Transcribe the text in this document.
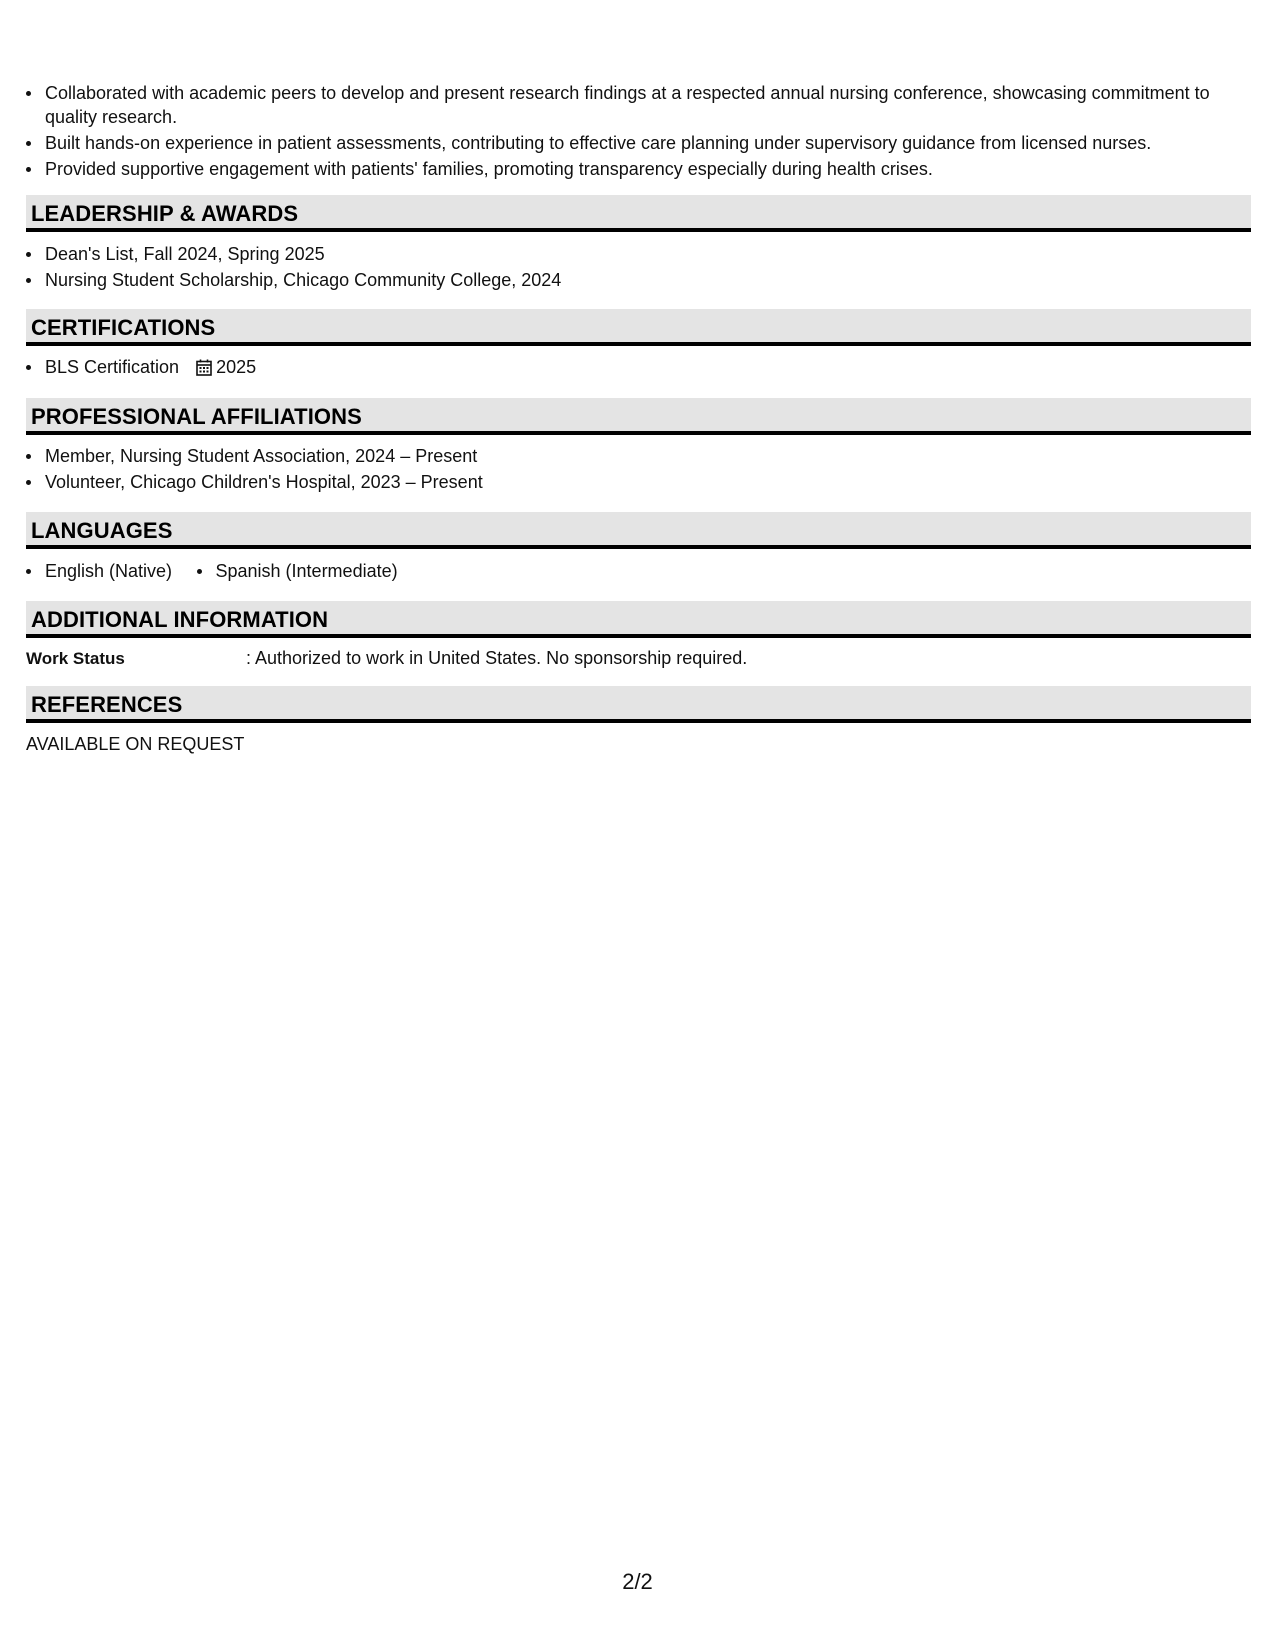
Collaborated with academic peers to develop and present research findings at a respected annual nursing conference, showcasing commitment to quality research.
Built hands-on experience in patient assessments, contributing to effective care planning under supervisory guidance from licensed nurses.
Provided supportive engagement with patients' families, promoting transparency especially during health crises.
LEADERSHIP & AWARDS
Dean's List, Fall 2024, Spring 2025
Nursing Student Scholarship, Chicago Community College, 2024
CERTIFICATIONS
BLS Certification 2025
PROFESSIONAL AFFILIATIONS
Member, Nursing Student Association, 2024 – Present
Volunteer, Chicago Children's Hospital, 2023 – Present
LANGUAGES
English (Native) Spanish (Intermediate)
ADDITIONAL INFORMATION
Work Status	: Authorized to work in United States. No sponsorship required.
REFERENCES
AVAILABLE ON REQUEST
2/2
